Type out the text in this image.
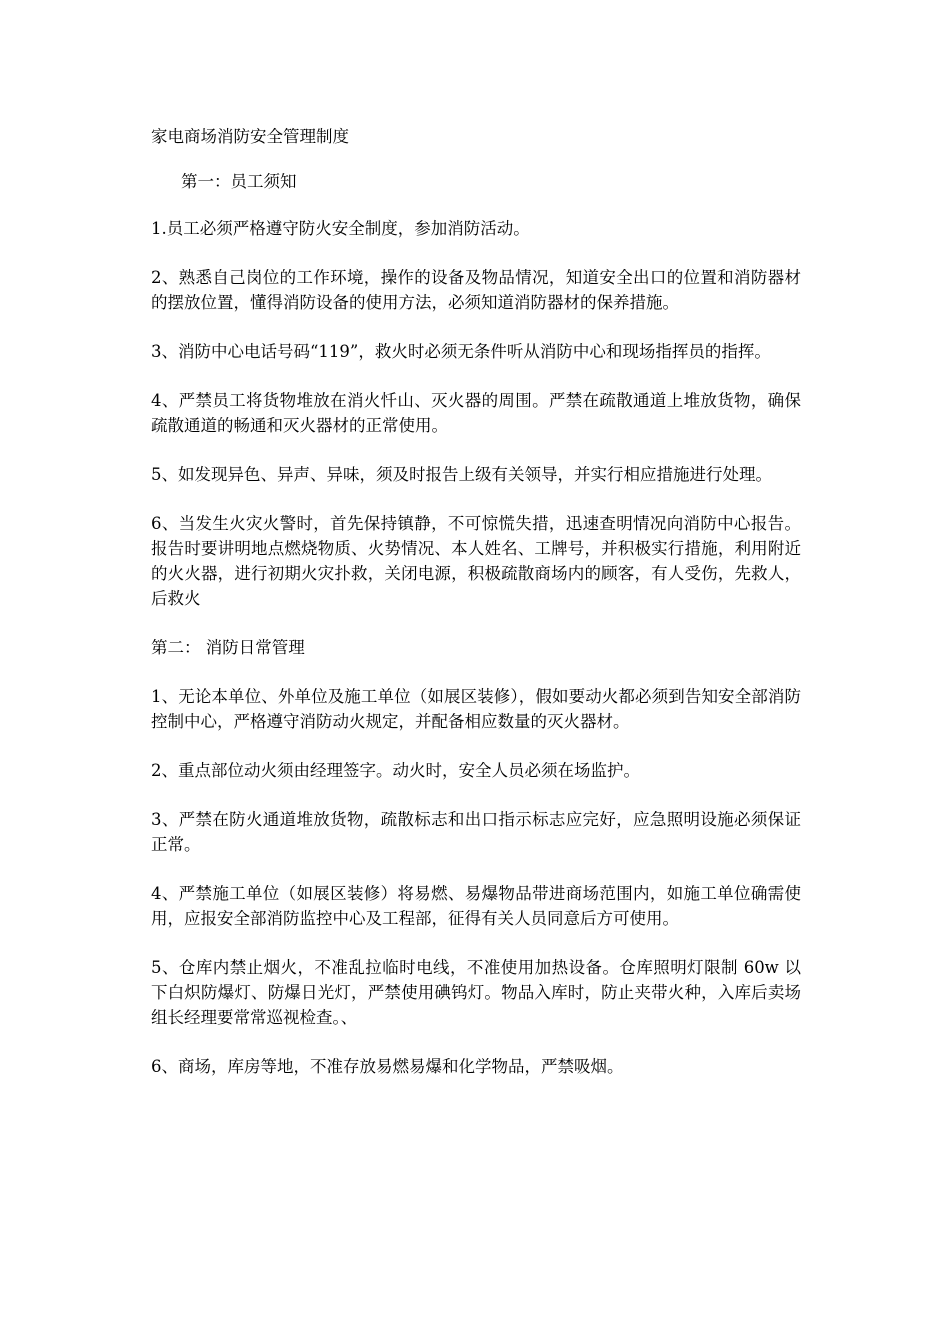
家电商场消防安全管理制度

第一：员工须知

1.员工必须严格遵守防火安全制度，参加消防活动。

2、熟悉自己岗位的工作环境，操作的设备及物品情况，知道安全出口的位置和消防器材的摆放位置，懂得消防设备的使用方法，必须知道消防器材的保养措施。

3、消防中心电话号码“119”，救火时必须无条件听从消防中心和现场指挥员的指挥。

4、严禁员工将货物堆放在消火忏山、灭火器的周围。严禁在疏散通道上堆放货物，确保疏散通道的畅通和灭火器材的正常使用。

5、如发现异色、异声、异味，须及时报告上级有关领导，并实行相应措施进行处理。

6、当发生火灾火警时，首先保持镇静，不可惊慌失措，迅速查明情况向消防中心报告。报告时要讲明地点燃烧物质、火势情况、本人姓名、工牌号，并积极实行措施，利用附近的火火器，进行初期火灾扑救，关闭电源，积极疏散商场内的顾客，有人受伤，先救人，后救火

第二： 消防日常管理

1、无论本单位、外单位及施工单位（如展区装修），假如要动火都必须到告知安全部消防控制中心，严格遵守消防动火规定，并配备相应数量的灭火器材。

2、重点部位动火须由经理签字。动火时，安全人员必须在场监护。

3、严禁在防火通道堆放货物，疏散标志和出口指示标志应完好，应急照明设施必须保证正常。

4、严禁施工单位（如展区装修）将易燃、易爆物品带进商场范围内，如施工单位确需使用，应报安全部消防监控中心及工程部，征得有关人员同意后方可使用。

5、仓库内禁止烟火，不准乱拉临时电线，不准使用加热设备。仓库照明灯限制 60w 以下白炽防爆灯、防爆日光灯，严禁使用碘钨灯。物品入库时，防止夹带火种，入库后卖场组长经理要常常巡视检查。、

6、商场，库房等地，不准存放易燃易爆和化学物品，严禁吸烟。
